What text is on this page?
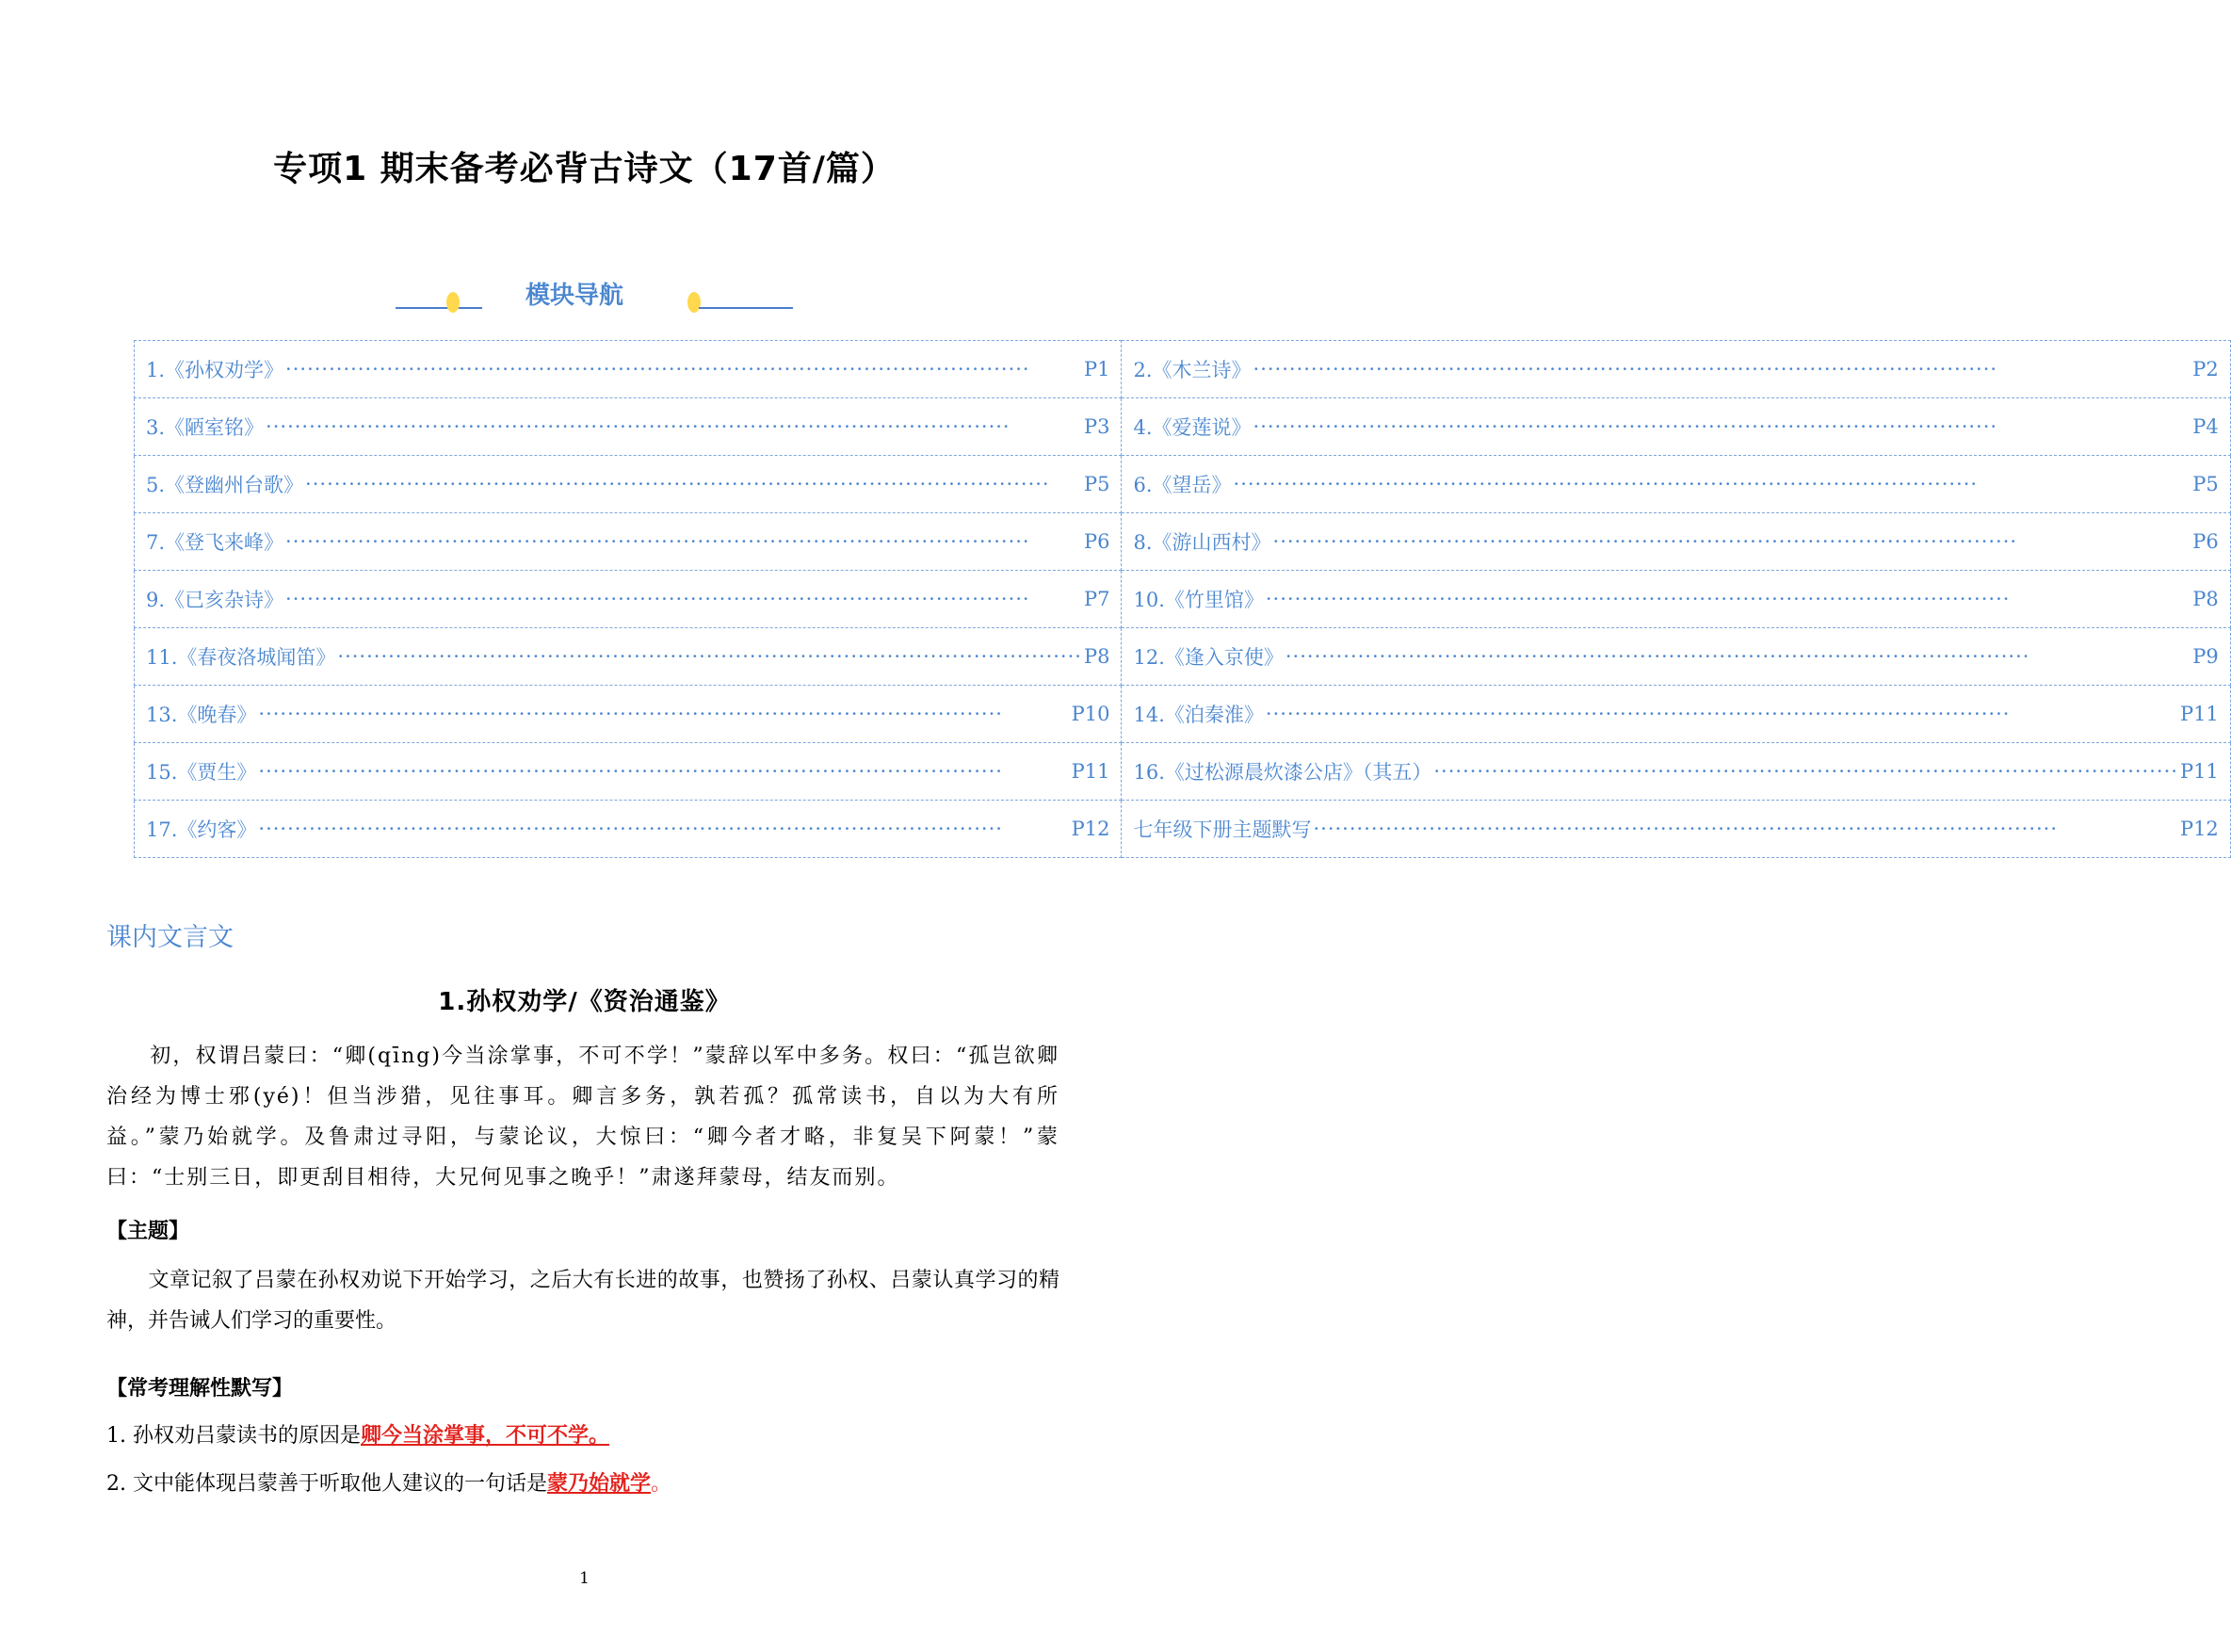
专项1 期末备考必背古诗文（17首/篇）
模块导航
1.《孙权劝学》 ····· P1	2.《木兰诗》 ····· P2

3.《陋室铭》 ····· P3	4.《爱莲说》 ····· P4

5.《登幽州台歌》 ····· P5	6.《望岳》 ····· P5

7.《登飞来峰》 ····· P6	8.《游山西村》 ····· P6

9.《已亥杂诗》 ····· P7	10.《竹里馆》 ····· P8

11.《春夜洛城闻笛》 ····· P8	12.《逢入京使》 ····· P9

13.《晚春》 ····· P10	14.《泊秦淮》 ····· P11

15.《贾生》 ····· P11	16.《过松源晨炊漆公店》（其五） ····· P11

17.《约客》 ····· P12	七年级下册主题默写 ····· P12
课内文言文
1.孙权劝学/《资治通鉴》
初，权谓吕蒙曰：“卿(qīng)今当涂掌事，不可不学！”蒙辞以军中多务。权曰：“孤岂欲卿治经为博士邪(yé)！但当涉猎，见往事耳。卿言多务，孰若孤？孤常读书，自以为大有所益。”蒙乃始就学。及鲁肃过寻阳，与蒙论议，大惊曰：“卿今者才略，非复吴下阿蒙！”蒙曰：“士别三日，即更刮目相待，大兄何见事之晚乎！”肃遂拜蒙母，结友而别。
【主题】
文章记叙了吕蒙在孙权劝说下开始学习，之后大有长进的故事，也赞扬了孙权、吕蒙认真学习的精神，并告诫人们学习的重要性。
【常考理解性默写】
1. 孙权劝吕蒙读书的原因是卿今当涂掌事，不可不学。
2. 文中能体现吕蒙善于听取他人建议的一句话是蒙乃始就学。
1
